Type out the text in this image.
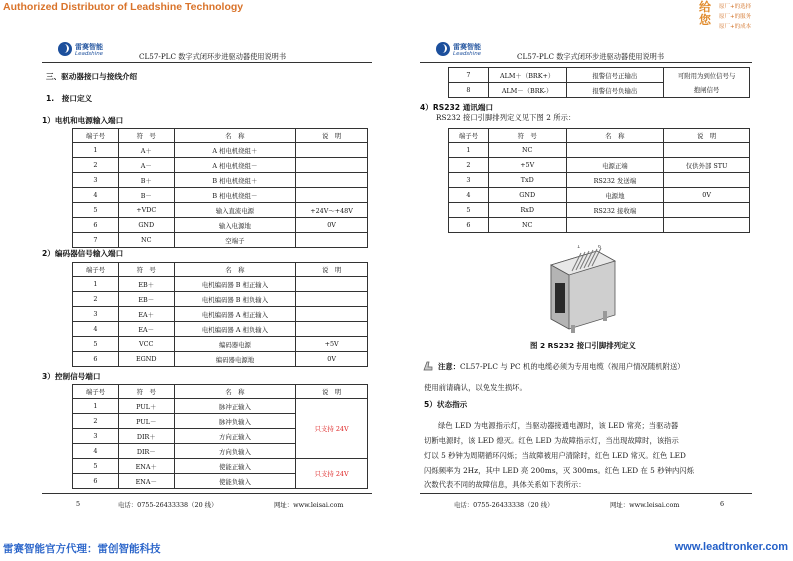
Authorized Distributor of Leadshine Technology	给
您
原厂+的选择
原厂+的服务
原厂+的成本
雷赛智能
Leadshine	CL57-PLC 数字式闭环步进驱动器使用说明书
三、驱动器接口与接线介绍
1.　接口定义
1）电机和电源输入端口
端子号	符　号	名　称	说　明
1	A＋	A 相电机绕组＋	
2	A－	A 相电机绕组－	
3	B＋	B 相电机绕组＋	
4	B－	B 相电机绕组－	
5	+VDC	输入直流电源	+24V～+48V
6	GND	输入电源地	0V
7	NC	空端子	
2）编码器信号输入端口
端子号	符　号	名　称	说　明
1	EB＋	电机编码器 B 相正输入	
2	EB－	电机编码器 B 相负输入	
3	EA＋	电机编码器 A 相正输入	
4	EA－	电机编码器 A 相负输入	
5	VCC	编码器电源	+5V
6	EGND	编码器电源地	0V
3）控制信号端口
端子号	符　号	名　称	说　明
1	PUL＋	脉冲正输入	只支持 24V
2	PUL－	脉冲负输入	
3	DIR＋	方向正输入	
4	DIR－	方向负输入	
5	ENA＋	使能正输入	只支持 24V
6	ENA－	使能负输入	
5	电话：0755-26433338（20 线）	网址：www.leisai.com
雷赛智能
Leadshine	CL57-PLC 数字式闭环步进驱动器使用说明书
7	ALM＋（BRK+）	报警信号正输出	可附用为到位信号与
8	ALM－（BRK-）	报警信号负输出	抱闸信号
4）RS232 通讯端口
RS232 接口引脚排列定义见下图 2 所示：
端子号	符　号	名　称	说　明
1	NC		
2	+5V	电源正端	仅供外部 STU
3	TxD	RS232 发送端	
4	GND	电源地	0V
5	RxD	RS232 接收端	
6	NC		
1	6
图 2 RS232 接口引脚排列定义
注意：CL57-PLC 与 PC 机的电缆必须为专用电缆（视用户情况随机附送）
使用前请确认，以免发生损坏。
5）状态指示
绿色 LED 为电源指示灯，当驱动器接通电源时，该 LED 常亮；当驱动器
切断电源时，该 LED 熄灭。红色 LED 为故障指示灯，当出现故障时，该指示
灯以 5 秒钟为周期循环闪烁；当故障被用户清除时，红色 LED 常灭。红色 LED
闪烁频率为 2Hz，其中 LED 亮 200ms，灭 300ms。红色 LED 在 5 秒钟内闪烁
次数代表不同的故障信息，具体关系如下表所示：
电话：0755-26433338（20 线）	网址：www.leisai.com	6
雷赛智能官方代理：雷创智能科技	www.leadtronker.com
